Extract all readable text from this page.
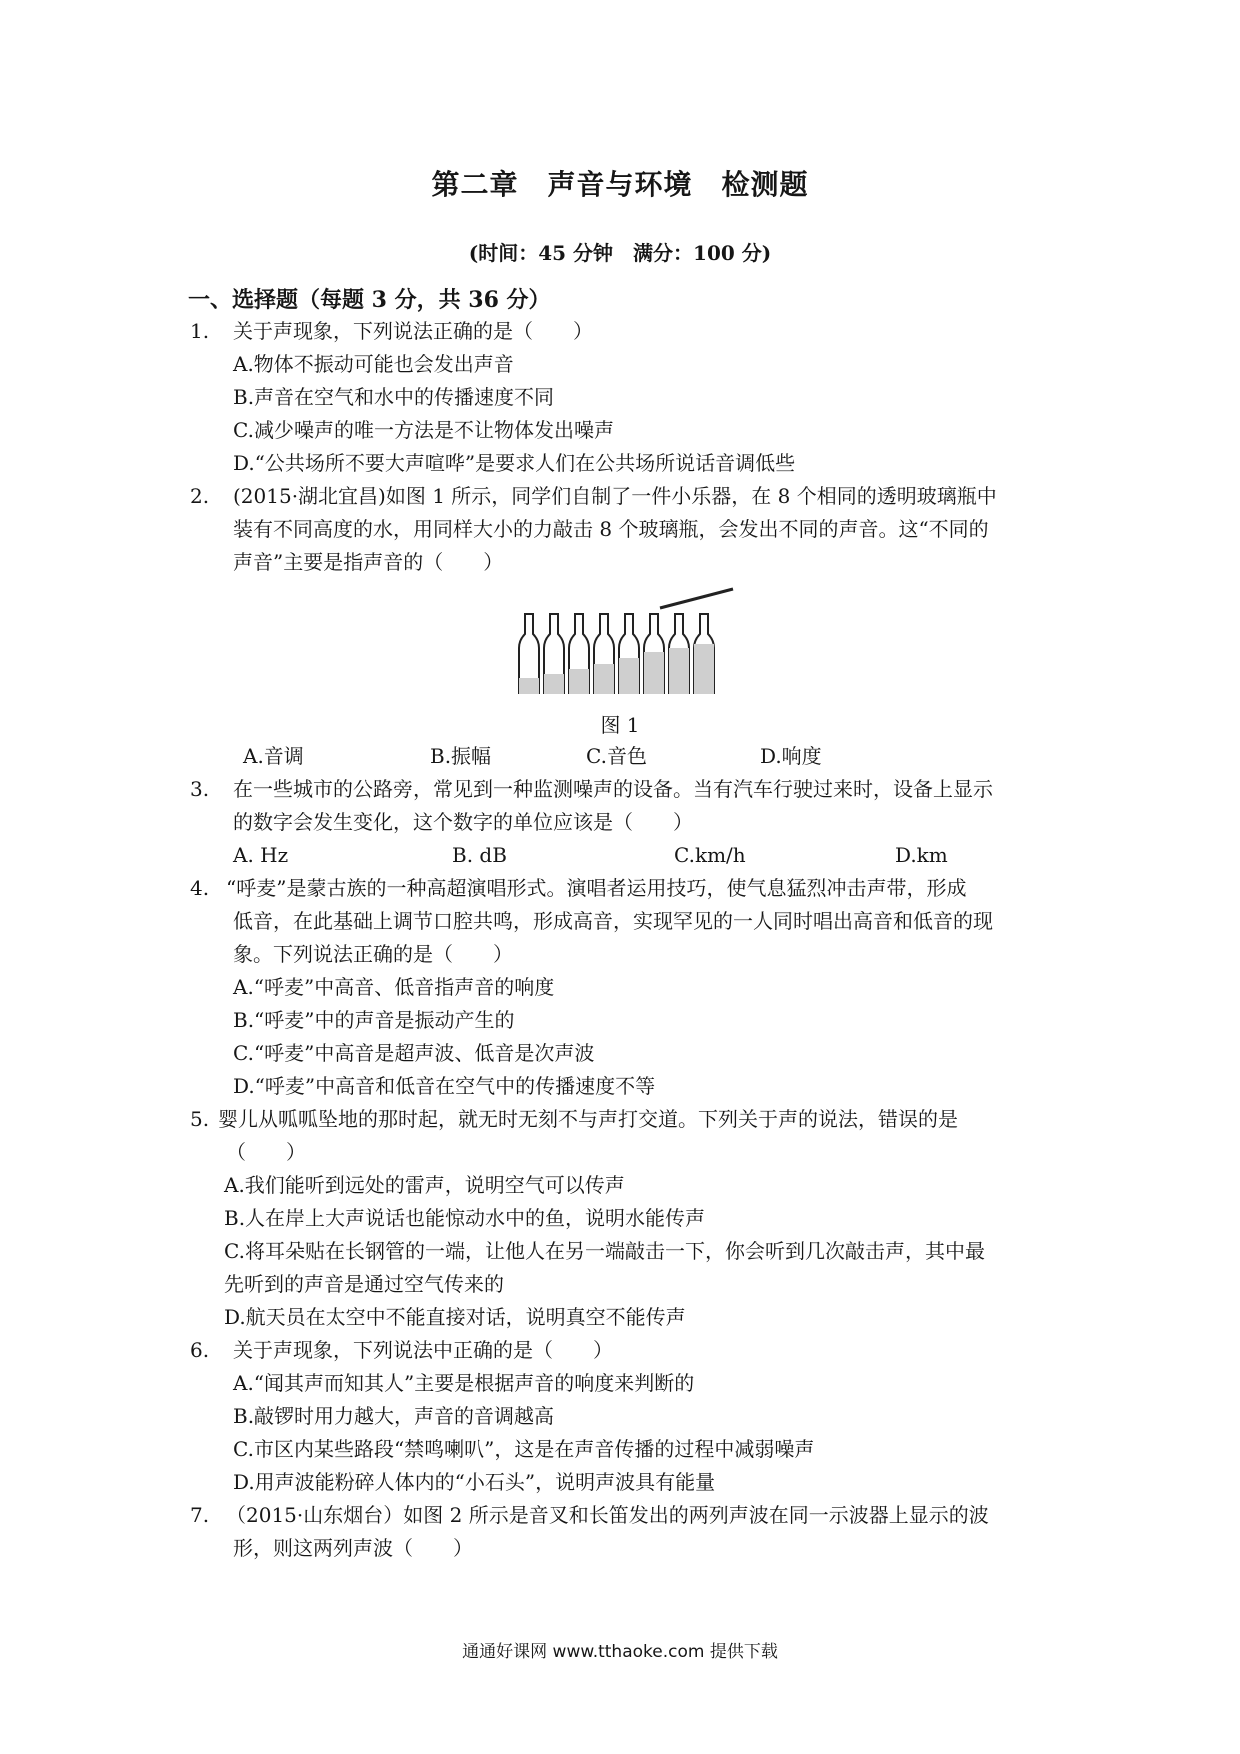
第二章　声音与环境　检测题
(时间：45 分钟　满分：100 分)
一、选择题（每题 3 分，共 36 分）
1. 关于声现象，下列说法正确的是（　　）
A.物体不振动可能也会发出声音
B.声音在空气和水中的传播速度不同
C.减少噪声的唯一方法是不让物体发出噪声
D.“公共场所不要大声喧哗”是要求人们在公共场所说话音调低些
2. (2015·湖北宜昌)如图 1 所示，同学们自制了一件小乐器，在 8 个相同的透明玻璃瓶中
装有不同高度的水，用同样大小的力敲击 8 个玻璃瓶，会发出不同的声音。这“不同的
声音”主要是指声音的（　　）
图 1
A.音调	B.振幅	C.音色	D.响度
3. 在一些城市的公路旁，常见到一种监测噪声的设备。当有汽车行驶过来时，设备上显示
的数字会发生变化，这个数字的单位应该是（　　）
A. Hz	B. dB	C.km/h	D.km
4. “呼麦”是蒙古族的一种高超演唱形式。演唱者运用技巧，使气息猛烈冲击声带，形成
低音，在此基础上调节口腔共鸣，形成高音，实现罕见的一人同时唱出高音和低音的现
象。下列说法正确的是（　　）
A.“呼麦”中高音、低音指声音的响度
B.“呼麦”中的声音是振动产生的
C.“呼麦”中高音是超声波、低音是次声波
D.“呼麦”中高音和低音在空气中的传播速度不等
5. 婴儿从呱呱坠地的那时起，就无时无刻不与声打交道。下列关于声的说法，错误的是
（　　）
A.我们能听到远处的雷声，说明空气可以传声
B.人在岸上大声说话也能惊动水中的鱼，说明水能传声
C.将耳朵贴在长钢管的一端，让他人在另一端敲击一下，你会听到几次敲击声，其中最
先听到的声音是通过空气传来的
D.航天员在太空中不能直接对话，说明真空不能传声
6. 关于声现象，下列说法中正确的是（　　）
A.“闻其声而知其人”主要是根据声音的响度来判断的
B.敲锣时用力越大，声音的音调越高
C.市区内某些路段“禁鸣喇叭”，这是在声音传播的过程中减弱噪声
D.用声波能粉碎人体内的“小石头”，说明声波具有能量
7. （2015·山东烟台）如图 2 所示是音叉和长笛发出的两列声波在同一示波器上显示的波
形，则这两列声波（　　）
通通好课网 www.tthaoke.com 提供下载
